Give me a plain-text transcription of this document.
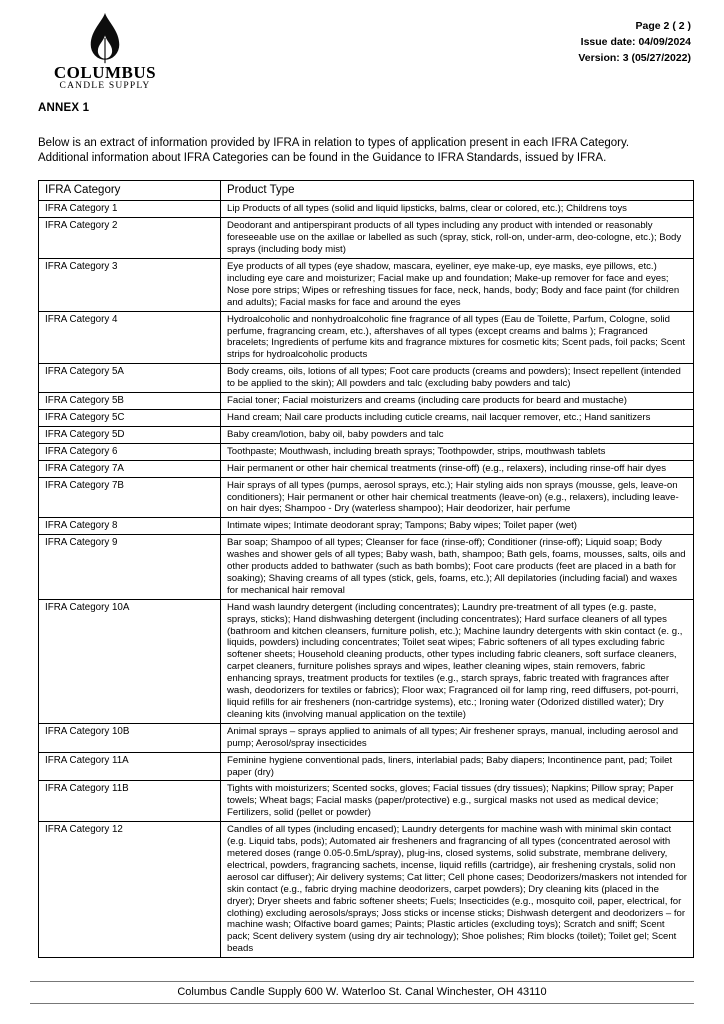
COLUMBUS
CANDLE SUPPLY
Page 2 ( 2 )
Issue date: 04/09/2024
Version: 3 (05/27/2022)
ANNEX 1
Below is an extract of information provided by IFRA in relation to types of application present in each IFRA Category.
Additional information about IFRA Categories can be found in the Guidance to IFRA Standards, issued by IFRA.
IFRA Category	Product Type
IFRA Category 1	Lip Products of all types (solid and liquid lipsticks, balms, clear or colored, etc.); Childrens toys
IFRA Category 2	Deodorant and antiperspirant products of all types including any product with intended or reasonably foreseeable use on the axillae or labelled as such (spray, stick, roll-on, under-arm, deo-cologne, etc.); Body sprays (including body mist)
IFRA Category 3	Eye products of all types (eye shadow, mascara, eyeliner, eye make-up, eye masks, eye pillows, etc.) including eye care and moisturizer; Facial make up and foundation; Make-up remover for face and eyes; Nose pore strips; Wipes or refreshing tissues for face, neck, hands, body; Body and face paint (for children and adults); Facial masks for face and around the eyes
IFRA Category 4	Hydroalcoholic and nonhydroalcoholic fine fragrance of all types (Eau de Toilette, Parfum, Cologne, solid perfume, fragrancing cream, etc.), aftershaves of all types (except creams and balms ); Fragranced bracelets; Ingredients of perfume kits and fragrance mixtures for cosmetic kits; Scent pads, foil packs; Scent strips for hydroalcoholic products
IFRA Category 5A	Body creams, oils, lotions of all types; Foot care products (creams and powders); Insect repellent (intended to be applied to the skin); All powders and talc (excluding baby powders and talc)
IFRA Category 5B	Facial toner; Facial moisturizers and creams (including care products for beard and mustache)
IFRA Category 5C	Hand cream; Nail care products including cuticle creams, nail lacquer remover, etc.; Hand sanitizers
IFRA Category 5D	Baby cream/lotion, baby oil, baby powders and talc
IFRA Category 6	Toothpaste; Mouthwash, including breath sprays; Toothpowder, strips, mouthwash tablets
IFRA Category 7A	Hair permanent or other hair chemical treatments (rinse-off) (e.g., relaxers), including rinse-off hair dyes
IFRA Category 7B	Hair sprays of all types (pumps, aerosol sprays, etc.); Hair styling aids non sprays (mousse, gels, leave-on conditioners); Hair permanent or other hair chemical treatments (leave-on) (e.g., relaxers), including leave-on hair dyes; Shampoo - Dry (waterless shampoo); Hair deodorizer, hair perfume
IFRA Category 8	Intimate wipes; Intimate deodorant spray; Tampons; Baby wipes; Toilet paper (wet)
IFRA Category 9	Bar soap; Shampoo of all types; Cleanser for face (rinse-off); Conditioner (rinse-off); Liquid soap; Body washes and shower gels of all types; Baby wash, bath, shampoo; Bath gels, foams, mousses, salts, oils and other products added to bathwater (such as bath bombs); Foot care products (feet are placed in a bath for soaking); Shaving creams of all types (stick, gels, foams, etc.); All depilatories (including facial) and waxes for mechanical hair removal
IFRA Category 10A	Hand wash laundry detergent (including concentrates); Laundry pre-treatment of all types (e.g. paste, sprays, sticks); Hand dishwashing detergent (including concentrates); Hard surface cleaners of all types (bathroom and kitchen cleansers, furniture polish, etc.); Machine laundry detergents with skin contact (e. g., liquids, powders) including concentrates; Toilet seat wipes; Fabric softeners of all types excluding fabric softener sheets; Household cleaning products, other types including fabric cleaners, soft surface cleaners, carpet cleaners, furniture polishes sprays and wipes, leather cleaning wipes, stain removers, fabric enhancing sprays, treatment products for textiles (e.g., starch sprays, fabric treated with fragrances after wash, deodorizers for textiles or fabrics); Floor wax; Fragranced oil for lamp ring, reed diffusers, pot-pourri, liquid refills for air fresheners (non-cartridge systems), etc.; Ironing water (Odorized distilled water); Dry cleaning kits (involving manual application on the textile)
IFRA Category 10B	Animal sprays – sprays applied to animals of all types; Air freshener sprays, manual, including aerosol and pump; Aerosol/spray insecticides
IFRA Category 11A	Feminine hygiene conventional pads, liners, interlabial pads; Baby diapers; Incontinence pant, pad; Toilet paper (dry)
IFRA Category 11B	Tights with moisturizers; Scented socks, gloves; Facial tissues (dry tissues); Napkins; Pillow spray; Paper towels; Wheat bags; Facial masks (paper/protective) e.g., surgical masks not used as medical device; Fertilizers, solid (pellet or powder)
IFRA Category 12	Candles of all types (including encased); Laundry detergents for machine wash with minimal skin contact (e.g. Liquid tabs, pods); Automated air fresheners and fragrancing of all types (concentrated aerosol with metered doses (range 0.05-0.5mL/spray), plug-ins, closed systems, solid substrate, membrane delivery, electrical, powders, fragrancing sachets, incense, liquid refills (cartridge), air freshening crystals, solid non aerosol car diffuser); Air delivery systems; Cat litter; Cell phone cases; Deodorizers/maskers not intended for skin contact (e.g., fabric drying machine deodorizers, carpet powders); Dry cleaning kits (placed in the dryer); Dryer sheets and fabric softener sheets; Fuels; Insecticides (e.g., mosquito coil, paper, electrical, for clothing) excluding aerosols/sprays; Joss sticks or incense sticks; Dishwash detergent and deodorizers – for machine wash; Olfactive board games; Paints; Plastic articles (excluding toys); Scratch and sniff; Scent pack; Scent delivery system (using dry air technology); Shoe polishes; Rim blocks (toilet); Toilet gel; Scent beads
Columbus Candle Supply 600 W. Waterloo St. Canal Winchester, OH 43110
